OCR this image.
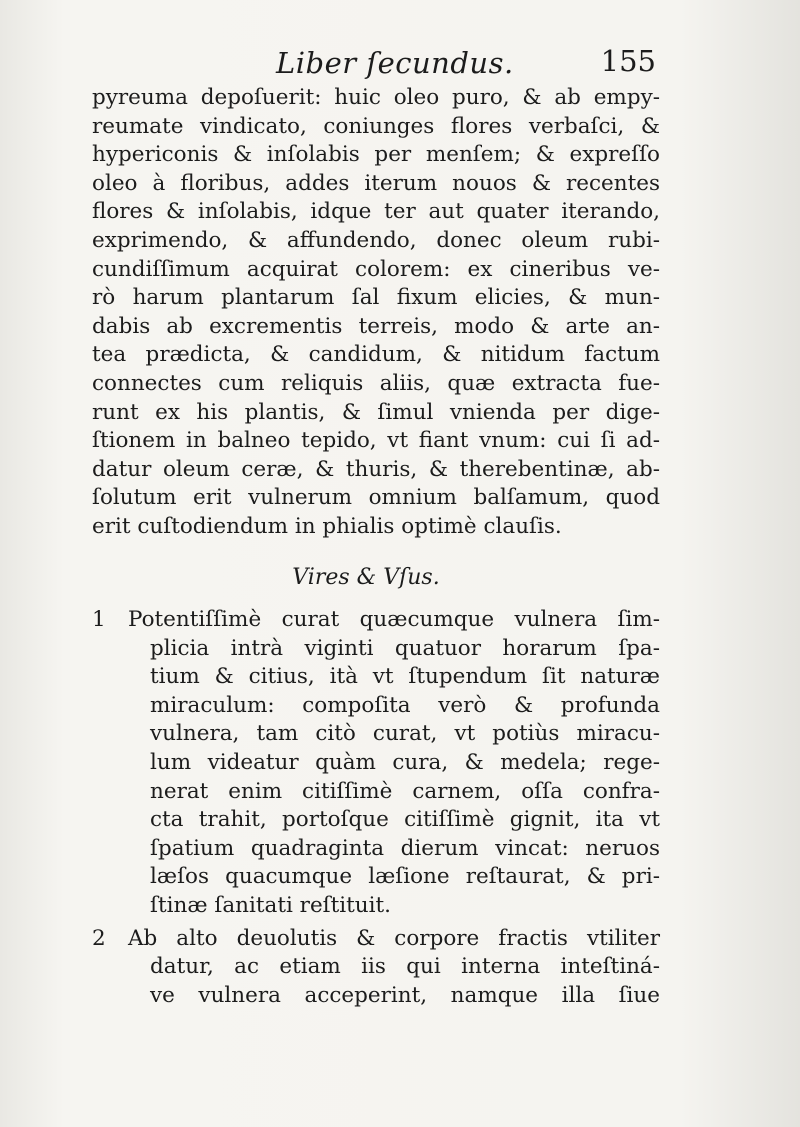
Liber ſecundus.	155
pyreuma depoſuerit: huic oleo puro, & ab empy-
reumate vindicato, coniunges flores verbaſci, &
hypericonis & inſolabis per menſem; & expreſſo
oleo à floribus, addes iterum nouos & recentes
flores & inſolabis, idque ter aut quater iterando,
exprimendo, & affundendo, donec oleum rubi-
cundiſſimum acquirat colorem: ex cineribus ve-
rò harum plantarum ſal fixum elicies, & mun-
dabis ab excrementis terreis, modo & arte an-
tea prædicta, & candidum, & nitidum factum
connectes cum reliquis aliis, quæ extracta fue-
runt ex his plantis, & ſimul vnienda per dige-
ſtionem in balneo tepido, vt fiant vnum: cui ſi ad-
datur oleum ceræ, & thuris, & therebentinæ, ab-
ſolutum erit vulnerum omnium balſamum, quod
erit cuſtodiendum in phialis optimè clauſis.
Vires & Vſus.
1	Potentiſſimè curat quæcumque vulnera ſim-
plicia intrà viginti quatuor horarum ſpa-
tium & citius, ità vt ſtupendum ſit naturæ
miraculum: compoſita verò & profunda
vulnera, tam citò curat, vt potiùs miracu-
lum videatur quàm cura, & medela; rege-
nerat enim citiſſimè carnem, oſſa confra-
cta trahit, portoſque citiſſimè gignit, ita vt
ſpatium quadraginta dierum vincat: neruos
læſos quacumque læſione reſtaurat, & pri-
ſtinæ ſanitati reſtituit.
2	Ab alto deuolutis & corpore fractis vtiliter
datur, ac etiam iis qui interna inteſtiná-
ve vulnera acceperint, namque illa ſiue
